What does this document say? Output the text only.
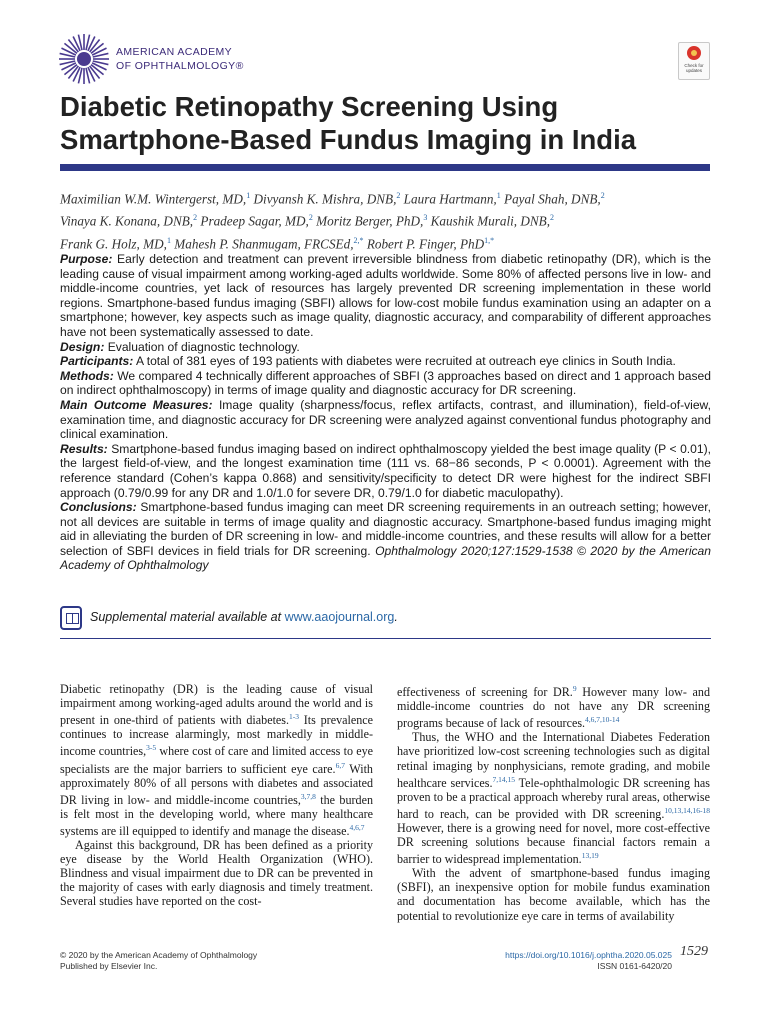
AMERICAN ACADEMY
OF OPHTHALMOLOGY®	Check for
updates
Diabetic Retinopathy Screening Using
Smartphone-Based Fundus Imaging in India
Maximilian W.M. Wintergerst, MD,$^1$ Divyansh K. Mishra, DNB,$^2$ Laura Hartmann,$^1$ Payal Shah, DNB,$^2$
Vinaya K. Konana, DNB,$^2$ Pradeep Sagar, MD,$^2$ Moritz Berger, PhD,$^3$ Kaushik Murali, DNB,$^2$
Frank G. Holz, MD,$^1$ Mahesh P. Shanmugam, FRCSEd,$^{2,*}$ Robert P. Finger, PhD$^{1,*}$

Purpose: Early detection and treatment can prevent irreversible blindness from diabetic retinopathy (DR), which is the leading cause of visual impairment among working-aged adults worldwide. Some 80% of affected persons live in low- and middle-income countries, yet lack of resources has largely prevented DR screening implementation in these world regions. Smartphone-based fundus imaging (SBFI) allows for low-cost mobile fundus examination using an adapter on a smartphone; however, key aspects such as image quality, diagnostic accuracy, and comparability of different approaches have not been systematically assessed to date.

Design: Evaluation of diagnostic technology.

Participants: A total of 381 eyes of 193 patients with diabetes were recruited at outreach eye clinics in South India.

Methods: We compared 4 technically different approaches of SBFI (3 approaches based on direct and 1 approach based on indirect ophthalmoscopy) in terms of image quality and diagnostic accuracy for DR screening.

Main Outcome Measures: Image quality (sharpness/focus, reflex artifacts, contrast, and illumination), field-of-view, examination time, and diagnostic accuracy for DR screening were analyzed against conventional fundus photography and clinical examination.

Results: Smartphone-based fundus imaging based on indirect ophthalmoscopy yielded the best image quality (P < 0.01), the largest field-of-view, and the longest examination time (111 vs. 68−86 seconds, P < 0.0001). Agreement with the reference standard (Cohen’s kappa 0.868) and sensitivity/specificity to detect DR were highest for the indirect SBFI approach (0.79/0.99 for any DR and 1.0/1.0 for severe DR, 0.79/1.0 for diabetic maculopathy).

Conclusions: Smartphone-based fundus imaging can meet DR screening requirements in an outreach setting; however, not all devices are suitable in terms of image quality and diagnostic accuracy. Smartphone-based fundus imaging might aid in alleviating the burden of DR screening in low- and middle-income countries, and these results will allow for a better selection of SBFI devices in field trials for DR screening. Ophthalmology 2020;127:1529-1538 © 2020 by the American Academy of Ophthalmology

Supplemental material available at www.aaojournal.org.

Diabetic retinopathy (DR) is the leading cause of visual impairment among working-aged adults around the world and is present in one-third of patients with diabetes.$^{1-3}$ Its prevalence continues to increase alarmingly, most markedly in middle-income countries,$^{3-5}$ where cost of care and limited access to eye specialists are the major barriers to sufficient eye care.$^{6,7}$ With approximately 80% of all persons with diabetes and associated DR living in low- and middle-income countries,$^{3,7,8}$ the burden is felt most in the developing world, where many healthcare systems are ill equipped to identify and manage the disease.$^{4,6,7}$

Against this background, DR has been defined as a priority eye disease by the World Health Organization (WHO). Blindness and visual impairment due to DR can be prevented in the majority of cases with early diagnosis and timely treatment. Several studies have reported on the cost-

effectiveness of screening for DR.$^9$ However many low- and middle-income countries do not have any DR screening programs because of lack of resources.$^{4,6,7,10-14}$

Thus, the WHO and the International Diabetes Federation have prioritized low-cost screening technologies such as digital retinal imaging by nonphysicians, remote grading, and mobile healthcare services.$^{7,14,15}$ Tele-ophthalmologic DR screening has proven to be a practical approach whereby rural areas, otherwise hard to reach, can be provided with DR screening.$^{10,13,14,16-18}$ However, there is a growing need for novel, more cost-effective DR screening solutions because financial factors remain a barrier to widespread implementation.$^{13,19}$

With the advent of smartphone-based fundus imaging (SBFI), an inexpensive option for mobile fundus examination and documentation has become available, which has the potential to revolutionize eye care in terms of availability

© 2020 by the American Academy of Ophthalmology
Published by Elsevier Inc.
https://doi.org/10.1016/j.ophtha.2020.05.025
ISSN 0161-6420/20
1529
